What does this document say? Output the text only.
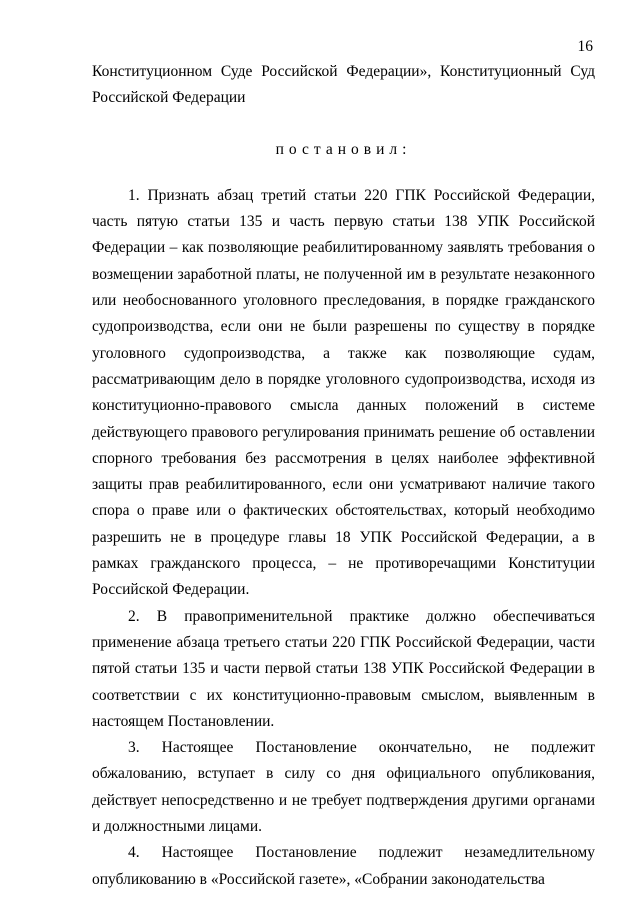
16

Конституционном Суде Российской Федерации», Конституционный Суд Российской Федерации

постановил:

1. Признать абзац третий статьи 220 ГПК Российской Федерации, часть пятую статьи 135 и часть первую статьи 138 УПК Российской Федерации – как позволяющие реабилитированному заявлять требования о возмещении заработной платы, не полученной им в результате незаконного или необоснованного уголовного преследования, в порядке гражданского судопроизводства, если они не были разрешены по существу в порядке уголовного судопроизводства, а также как позволяющие судам, рассматривающим дело в порядке уголовного судопроизводства, исходя из конституционно-правового смысла данных положений в системе действующего правового регулирования принимать решение об оставлении спорного требования без рассмотрения в целях наиболее эффективной защиты прав реабилитированного, если они усматривают наличие такого спора о праве или о фактических обстоятельствах, который необходимо разрешить не в процедуре главы 18 УПК Российской Федерации, а в рамках гражданского процесса, – не противоречащими Конституции Российской Федерации.

2. В правоприменительной практике должно обеспечиваться применение абзаца третьего статьи 220 ГПК Российской Федерации, части пятой статьи 135 и части первой статьи 138 УПК Российской Федерации в соответствии с их конституционно-правовым смыслом, выявленным в настоящем Постановлении.

3. Настоящее Постановление окончательно, не подлежит обжалованию, вступает в силу со дня официального опубликования, действует непосредственно и не требует подтверждения другими органами и должностными лицами.

4. Настоящее Постановление подлежит незамедлительному опубликованию в «Российской газете», «Собрании законодательства
